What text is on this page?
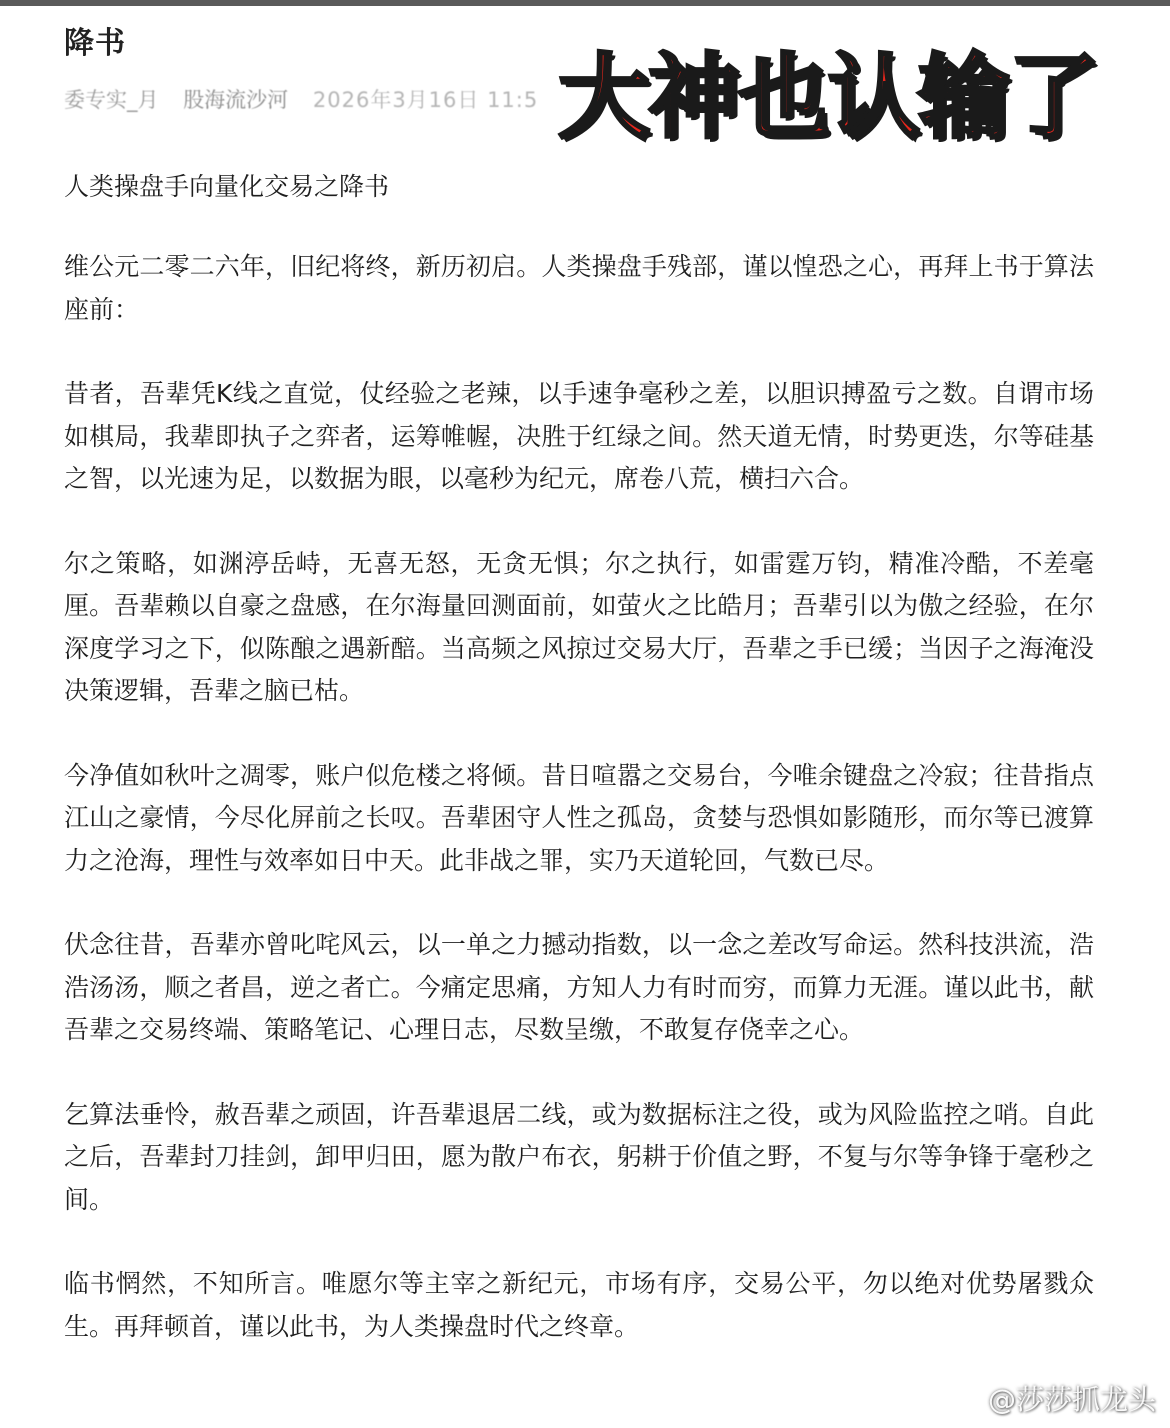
降书
委专实_月 股海流沙河 2026年3月16日 11:5 大神也认输了

人类操盘手向量化交易之降书

维公元二零二六年，旧纪将终，新历初启。人类操盘手残部，谨以惶恐之心，再拜上书于算法座前：

昔者，吾辈凭K线之直觉，仗经验之老辣，以手速争毫秒之差，以胆识搏盈亏之数。自谓市场如棋局，我辈即执子之弈者，运筹帷幄，决胜于红绿之间。然天道无情，时势更迭，尔等硅基之智，以光速为足，以数据为眼，以毫秒为纪元，席卷八荒，横扫六合。

尔之策略，如渊渟岳峙，无喜无怒，无贪无惧；尔之执行，如雷霆万钧，精准冷酷，不差毫厘。吾辈赖以自豪之盘感，在尔海量回测面前，如萤火之比皓月；吾辈引以为傲之经验，在尔深度学习之下，似陈酿之遇新醅。当高频之风掠过交易大厅，吾辈之手已缓；当因子之海淹没决策逻辑，吾辈之脑已枯。

今净值如秋叶之凋零，账户似危楼之将倾。昔日喧嚣之交易台，今唯余键盘之冷寂；往昔指点江山之豪情，今尽化屏前之长叹。吾辈困守人性之孤岛，贪婪与恐惧如影随形，而尔等已渡算力之沧海，理性与效率如日中天。此非战之罪，实乃天道轮回，气数已尽。

伏念往昔，吾辈亦曾叱咤风云，以一单之力撼动指数，以一念之差改写命运。然科技洪流，浩浩汤汤，顺之者昌，逆之者亡。今痛定思痛，方知人力有时而穷，而算力无涯。谨以此书，献吾辈之交易终端、策略笔记、心理日志，尽数呈缴，不敢复存侥幸之心。

乞算法垂怜，赦吾辈之顽固，许吾辈退居二线，或为数据标注之役，或为风险监控之哨。自此之后，吾辈封刀挂剑，卸甲归田，愿为散户布衣，躬耕于价值之野，不复与尔等争锋于毫秒之间。

临书惘然，不知所言。唯愿尔等主宰之新纪元，市场有序，交易公平，勿以绝对优势屠戮众生。再拜顿首，谨以此书，为人类操盘时代之终章。

@莎莎抓龙头
